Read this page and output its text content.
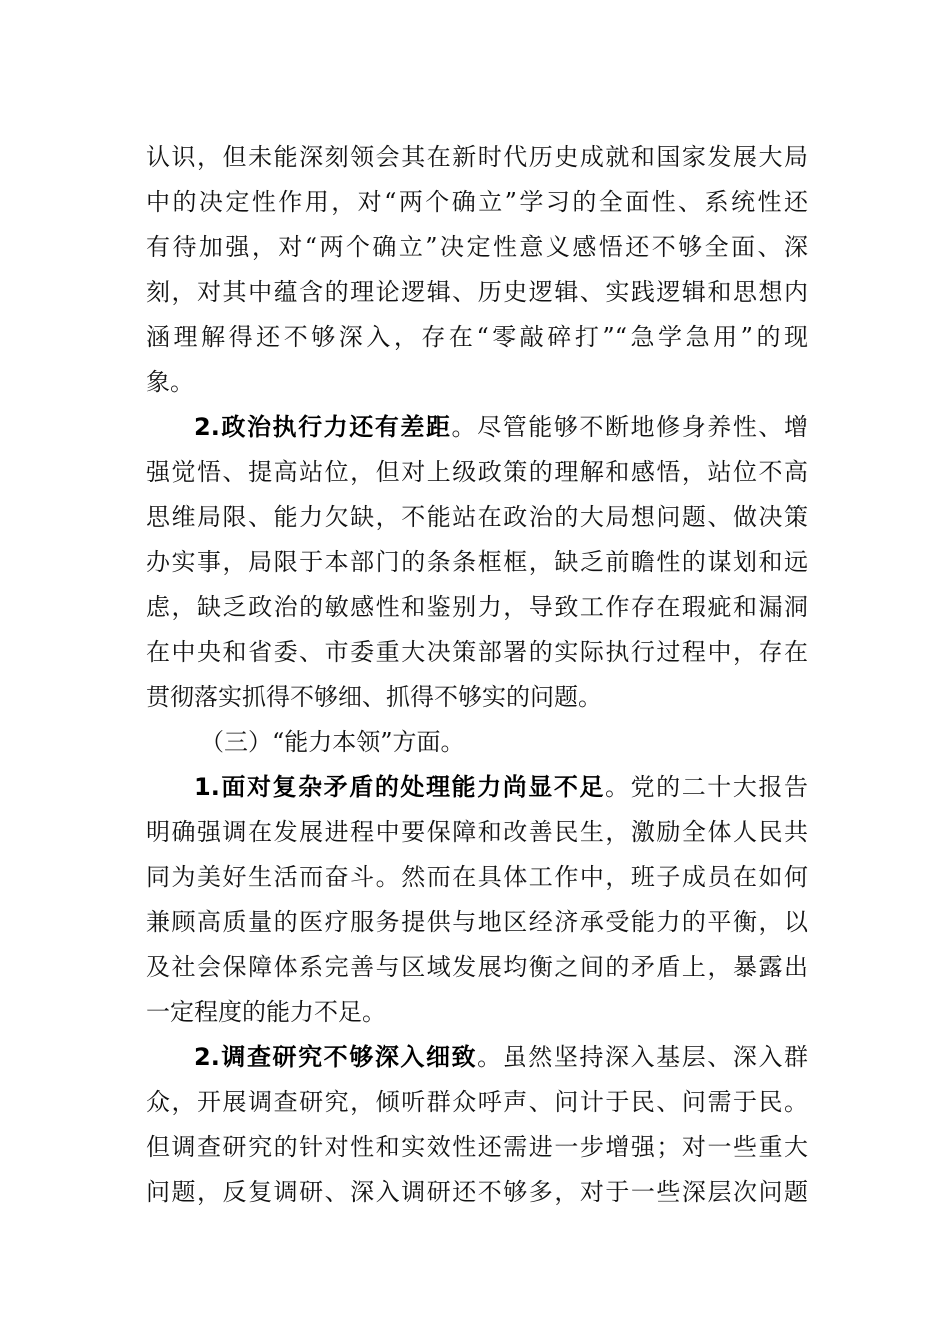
认识，但未能深刻领会其在新时代历史成就和国家发展大局
中的决定性作用，对“两个确立”学习的全面性、系统性还
有待加强，对“两个确立”决定性意义感悟还不够全面、深
刻，对其中蕴含的理论逻辑、历史逻辑、实践逻辑和思想内
涵理解得还不够深入，存在“零敲碎打”“急学急用”的现
象。
2.政治执行力还有差距。尽管能够不断地修身养性、增
强觉悟、提高站位，但对上级政策的理解和感悟，站位不高
思维局限、能力欠缺，不能站在政治的大局想问题、做决策
办实事，局限于本部门的条条框框，缺乏前瞻性的谋划和远
虑，缺乏政治的敏感性和鉴别力，导致工作存在瑕疵和漏洞
在中央和省委、市委重大决策部署的实际执行过程中，存在
贯彻落实抓得不够细、抓得不够实的问题。
（三）“能力本领”方面。
1.面对复杂矛盾的处理能力尚显不足。党的二十大报告
明确强调在发展进程中要保障和改善民生，激励全体人民共
同为美好生活而奋斗。然而在具体工作中，班子成员在如何
兼顾高质量的医疗服务提供与地区经济承受能力的平衡，以
及社会保障体系完善与区域发展均衡之间的矛盾上，暴露出
一定程度的能力不足。
2.调查研究不够深入细致。虽然坚持深入基层、深入群
众，开展调查研究，倾听群众呼声、问计于民、问需于民。
但调查研究的针对性和实效性还需进一步增强；对一些重大
问题，反复调研、深入调研还不够多，对于一些深层次问题
